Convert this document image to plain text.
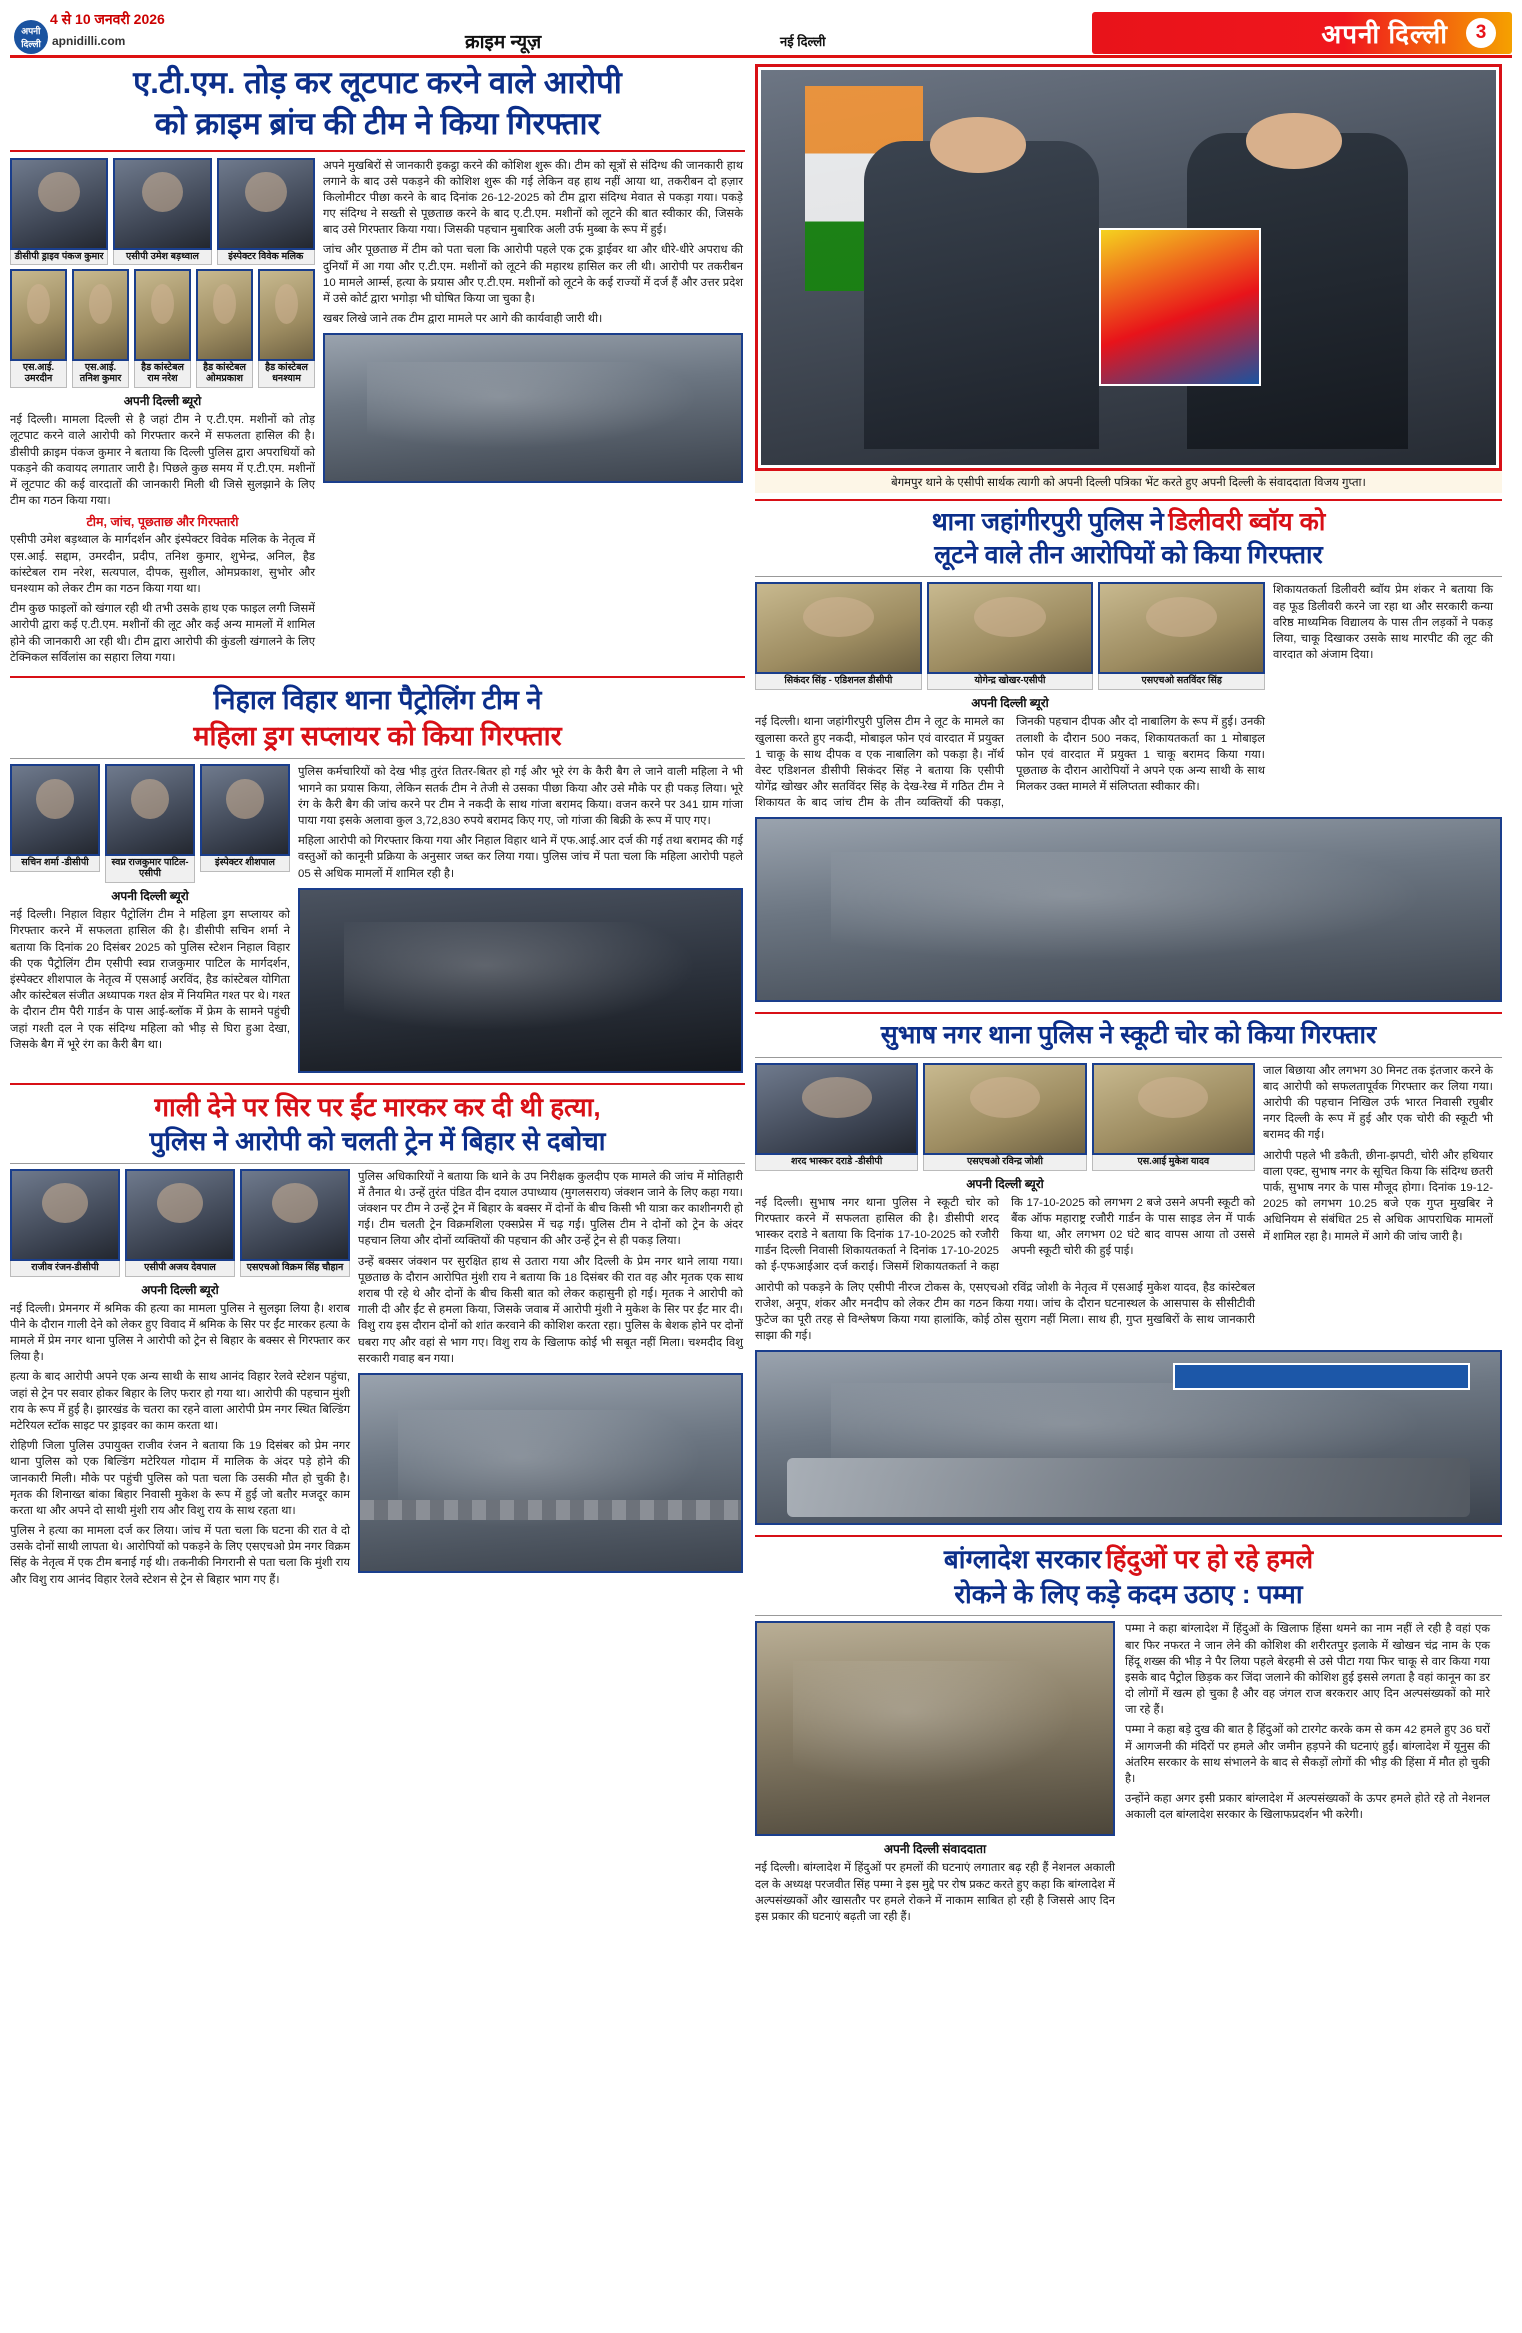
4 से 10 जनवरी 2026
अपनी
दिल्ली apnidilli.com	क्राइम न्यूज़	नई दिल्ली	अपनी दिल्ली	3
ए.टी.एम. तोड़ कर लूटपाट करने वाले आरोपी
को क्राइम ब्रांच की टीम ने किया गिरफ्तार
डीसीपी ड्राइव पंकज कुमार	एसीपी उमेश बड़थ्वाल	इंस्पेक्टर विवेक मलिक
एस.आई. उमरदीन
एस.आई. तनिश कुमार
हैड कांस्टेबल राम नरेश
हैड कांस्टेबल ओमप्रकाश
हैड कांस्टेबल धनश्याम
अपनी दिल्ली ब्यूरो
नई दिल्ली। मामला दिल्ली से है जहां टीम ने ए.टी.एम. मशीनों को तोड़ लूटपाट करने वाले आरोपी को गिरफ्तार करने में सफलता हासिल की है। डीसीपी क्राइम पंकज कुमार ने बताया कि दिल्ली पुलिस द्वारा अपराधियों को पकड़ने की कवायद लगातार जारी है। पिछले कुछ समय में ए.टी.एम. मशीनों में लूटपाट की कई वारदातों की जानकारी मिली थी जिसे सुलझाने के लिए टीम का गठन किया गया।
टीम, जांच, पूछताछ और गिरफ्तारी
एसीपी उमेश बड़थ्वाल के मार्गदर्शन और इंस्पेक्टर विवेक मलिक के नेतृत्व में एस.आई. सद्दाम, उमरदीन, प्रदीप, तनिश कुमार, शुभेन्द्र, अनिल, हैड कांस्टेबल राम नरेश, सत्यपाल, दीपक, सुशील, ओमप्रकाश, सुभोर और घनश्याम को लेकर टीम का गठन किया गया था।
टीम कुछ फाइलों को खंगाल रही थी तभी उसके हाथ एक फाइल लगी जिसमें आरोपी द्वारा कई ए.टी.एम. मशीनों की लूट और कई अन्य मामलों में शामिल होने की जानकारी आ रही थी। टीम द्वारा आरोपी की कुंडली खंगालने के लिए टेक्निकल सर्विलांस का सहारा लिया गया।
अपने मुखबिरों से जानकारी इकट्ठा करने की कोशिश शुरू की। टीम को सूत्रों से संदिग्ध की जानकारी हाथ लगाने के बाद उसे पकड़ने की कोशिश शुरू की गई लेकिन वह हाथ नहीं आया था, तकरीबन दो हज़ार किलोमीटर पीछा करने के बाद दिनांक 26-12-2025 को टीम द्वारा संदिग्ध मेवात से पकड़ा गया। पकड़े गए संदिग्ध ने सख्ती से पूछताछ करने के बाद ए.टी.एम. मशीनों को लूटने की बात स्वीकार की, जिसके बाद उसे गिरफ्तार किया गया। जिसकी पहचान मुबारिक अली उर्फ मुब्बा के रूप में हुई।
जांच और पूछताछ में टीम को पता चला कि आरोपी पहले एक ट्रक ड्राईवर था और धीरे-धीरे अपराध की दुनियाँ में आ गया और ए.टी.एम. मशीनों को लूटने की महारथ हासिल कर ली थी। आरोपी पर तकरीबन 10 मामले आर्म्स, हत्या के प्रयास और ए.टी.एम. मशीनों को लूटने के कई राज्यों में दर्ज हैं और उत्तर प्रदेश में उसे कोर्ट द्वारा भगोड़ा भी घोषित किया जा चुका है।
खबर लिखे जाने तक टीम द्वारा मामले पर आगे की कार्यवाही जारी थी।
निहाल विहार थाना पैट्रोलिंग टीम ने
महिला ड्रग सप्लायर को किया गिरफ्तार
सचिन शर्मा -डीसीपी	स्वप्न राजकुमार पाटिल-एसीपी
इंस्पेक्टर शीशपाल
अपनी दिल्ली ब्यूरो
नई दिल्ली। निहाल विहार पैट्रोलिंग टीम ने महिला ड्रग सप्लायर को गिरफ्तार करने में सफलता हासिल की है। डीसीपी सचिन शर्मा ने बताया कि दिनांक 20 दिसंबर 2025 को पुलिस स्टेशन निहाल विहार की एक पैट्रोलिंग टीम एसीपी स्वप्न राजकुमार पाटिल के मार्गदर्शन, इंस्पेक्टर शीशपाल के नेतृत्व में एसआई अरविंद, हैड कांस्टेबल योगिता और कांस्टेबल संजीत अध्यापक गश्त क्षेत्र में नियमित गश्त पर थे। गश्त के दौरान टीम पैरी गार्डन के पास आई-ब्लॉक में फ्रेम के सामने पहुंची जहां गश्ती दल ने एक संदिग्ध महिला को भीड़ से घिरा हुआ देखा, जिसके बैग में भूरे रंग का कैरी बैग था।
पुलिस कर्मचारियों को देख भीड़ तुरंत तितर-बितर हो गई और भूरे रंग के कैरी बैग ले जाने वाली महिला ने भी भागने का प्रयास किया, लेकिन सतर्क टीम ने तेजी से उसका पीछा किया और उसे मौके पर ही पकड़ लिया। भूरे रंग के कैरी बैग की जांच करने पर टीम ने नकदी के साथ गांजा बरामद किया। वजन करने पर 341 ग्राम गांजा पाया गया इसके अलावा कुल 3,72,830 रुपये बरामद किए गए, जो गांजा की बिक्री के रूप में पाए गए।
महिला आरोपी को गिरफ्तार किया गया और निहाल विहार थाने में एफ.आई.आर दर्ज की गई तथा बरामद की गई वस्तुओं को कानूनी प्रक्रिया के अनुसार जब्त कर लिया गया। पुलिस जांच में पता चला कि महिला आरोपी पहले 05 से अधिक मामलों में शामिल रही है।
गाली देने पर सिर पर ईंट मारकर कर दी थी हत्या,
पुलिस ने आरोपी को चलती ट्रेन में बिहार से दबोचा
राजीव रंजन-डीसीपी	एसीपी अजय देवपाल	एसएचओ विक्रम सिंह चौहान
अपनी दिल्ली ब्यूरो
नई दिल्ली। प्रेमनगर में श्रमिक की हत्या का मामला पुलिस ने सुलझा लिया है। शराब पीने के दौरान गाली देने को लेकर हुए विवाद में श्रमिक के सिर पर ईंट मारकर हत्या के मामले में प्रेम नगर थाना पुलिस ने आरोपी को ट्रेन से बिहार के बक्सर से गिरफ्तार कर लिया है।
हत्या के बाद आरोपी अपने एक अन्य साथी के साथ आनंद विहार रेलवे स्टेशन पहुंचा, जहां से ट्रेन पर सवार होकर बिहार के लिए फरार हो गया था। आरोपी की पहचान मुंशी राय के रूप में हुई है। झारखंड के चतरा का रहने वाला आरोपी प्रेम नगर स्थित बिल्डिंग मटेरियल स्टॉक साइट पर ड्राइवर का काम करता था।
रोहिणी जिला पुलिस उपायुक्त राजीव रंजन ने बताया कि 19 दिसंबर को प्रेम नगर थाना पुलिस को एक बिल्डिंग मटेरियल गोदाम में मालिक के अंदर पड़े होने की जानकारी मिली। मौके पर पहुंची पुलिस को पता चला कि उसकी मौत हो चुकी है। मृतक की शिनाख्त बांका बिहार निवासी मुकेश के रूप में हुई जो बतौर मजदूर काम करता था और अपने दो साथी मुंशी राय और विशु राय के साथ रहता था।
पुलिस ने हत्या का मामला दर्ज कर लिया। जांच में पता चला कि घटना की रात वे दो उसके दोनों साथी लापता थे। आरोपियों को पकड़ने के लिए एसएचओ प्रेम नगर विक्रम सिंह के नेतृत्व में एक टीम बनाई गई थी। तकनीकी निगरानी से पता चला कि मुंशी राय और विशु राय आनंद विहार रेलवे स्टेशन से ट्रेन से बिहार भाग गए हैं।
पुलिस अधिकारियों ने बताया कि थाने के उप निरीक्षक कुलदीप एक मामले की जांच में मोतिहारी में तैनात थे। उन्हें तुरंत पंडित दीन दयाल उपाध्याय (मुगलसराय) जंक्शन जाने के लिए कहा गया। जंक्शन पर टीम ने उन्हें ट्रेन में बिहार के बक्सर में दोनों के बीच किसी भी यात्रा कर काशीनगरी हो गई। टीम चलती ट्रेन विक्रमशिला एक्सप्रेस में चढ़ गई। पुलिस टीम ने दोनों को ट्रेन के अंदर पहचान लिया और दोनों व्यक्तियों की पहचान की और उन्हें ट्रेन से ही पकड़ लिया।
उन्हें बक्सर जंक्शन पर सुरक्षित हाथ से उतारा गया और दिल्ली के प्रेम नगर थाने लाया गया। पूछताछ के दौरान आरोपित मुंशी राय ने बताया कि 18 दिसंबर की रात वह और मृतक एक साथ शराब पी रहे थे और दोनों के बीच किसी बात को लेकर कहासुनी हो गई। मृतक ने आरोपी को गाली दी और ईंट से हमला किया, जिसके जवाब में आरोपी मुंशी ने मुकेश के सिर पर ईंट मार दी। विशु राय इस दौरान दोनों को शांत करवाने की कोशिश करता रहा। पुलिस के बेशक होने पर दोनों घबरा गए और वहां से भाग गए। विशु राय के खिलाफ कोई भी सबूत नहीं मिला। चश्मदीद विशु सरकारी गवाह बन गया।
बेगमपुर थाने के एसीपी सार्थक त्यागी को अपनी दिल्ली पत्रिका भेंट करते हुए अपनी दिल्ली के संवाददाता विजय गुप्ता।
थाना जहांगीरपुरी पुलिस ने डिलीवरी ब्वॉय को
लूटने वाले तीन आरोपियों को किया गिरफ्तार
सिकंदर सिंह - एडिशनल डीसीपी	योगेन्द्र खोखर-एसीपी	एसएचओ सतविंदर सिंह
अपनी दिल्ली ब्यूरो
नई दिल्ली। थाना जहांगीरपुरी पुलिस टीम ने लूट के मामले का खुलासा करते हुए नकदी, मोबाइल फोन एवं वारदात में प्रयुक्त 1 चाकू के साथ दीपक व एक नाबालिग को पकड़ा है। नॉर्थ वेस्ट एडिशनल डीसीपी सिकंदर सिंह ने बताया कि एसीपी योगेंद्र खोखर और सतविंदर सिंह के देख-रेख में गठित टीम ने शिकायत के बाद जांच टीम के तीन व्यक्तियों की पकड़ा, जिनकी पहचान दीपक और दो नाबालिग के रूप में हुई। उनकी तलाशी के दौरान 500 नकद, शिकायतकर्ता का 1 मोबाइल फोन एवं वारदात में प्रयुक्त 1 चाकू बरामद किया गया। पूछताछ के दौरान आरोपियों ने अपने एक अन्य साथी के साथ मिलकर उक्त मामले में संलिप्तता स्वीकार की।
शिकायतकर्ता डिलीवरी ब्वॉय प्रेम शंकर ने बताया कि वह फूड डिलीवरी करने जा रहा था और सरकारी कन्या वरिष्ठ माध्यमिक विद्यालय के पास तीन लड़कों ने पकड़ लिया, चाकू दिखाकर उसके साथ मारपीट की लूट की वारदात को अंजाम दिया।
सुभाष नगर थाना पुलिस ने स्कूटी चोर को किया गिरफ्तार
शरद भास्कर दराडे -डीसीपी	एसएचओ रविन्द्र जोशी	एस.आई मुकेश यादव
अपनी दिल्ली ब्यूरो
नई दिल्ली। सुभाष नगर थाना पुलिस ने स्कूटी चोर को गिरफ्तार करने में सफलता हासिल की है। डीसीपी शरद भास्कर दराडे ने बताया कि दिनांक 17-10-2025 को रजौरी गार्डन दिल्ली निवासी शिकायतकर्ता ने दिनांक 17-10-2025 को ई-एफआईआर दर्ज कराई। जिसमें शिकायतकर्ता ने कहा कि 17-10-2025 को लगभग 2 बजे उसने अपनी स्कूटी को बैंक ऑफ महाराष्ट्र रजौरी गार्डन के पास साइड लेन में पार्क किया था, और लगभग 02 घंटे बाद वापस आया तो उससे अपनी स्कूटी चोरी की हुई पाई।
आरोपी को पकड़ने के लिए एसीपी नीरज टोकस के, एसएचओ रविंद्र जोशी के नेतृत्व में एसआई मुकेश यादव, हैड कांस्टेबल राजेश, अनूप, शंकर और मनदीप को लेकर टीम का गठन किया गया। जांच के दौरान घटनास्थल के आसपास के सीसीटीवी फुटेज का पूरी तरह से विश्लेषण किया गया हालांकि, कोई ठोस सुराग नहीं मिला। साथ ही, गुप्त मुखबिरों के साथ जानकारी साझा की गई।
जाल बिछाया और लगभग 30 मिनट तक इंतजार करने के बाद आरोपी को सफलतापूर्वक गिरफ्तार कर लिया गया। आरोपी की पहचान निखिल उर्फ भारत निवासी रघुबीर नगर दिल्ली के रूप में हुई और एक चोरी की स्कूटी भी बरामद की गई।
आरोपी पहले भी डकैती, छीना-झपटी, चोरी और हथियार वाला एक्ट, सुभाष नगर के सूचित किया कि संदिग्ध छतरी पार्क, सुभाष नगर के पास मौजूद होगा। दिनांक 19-12-2025 को लगभग 10.25 बजे एक गुप्त मुखबिर ने अधिनियम से संबंधित 25 से अधिक आपराधिक मामलों में शामिल रहा है। मामले में आगे की जांच जारी है।
बांग्लादेश सरकार हिंदुओं पर हो रहे हमले
रोकने के लिए कड़े कदम उठाए : पम्मा
अपनी दिल्ली संवाददाता
नई दिल्ली। बांग्लादेश में हिंदुओं पर हमलों की घटनाएं लगातार बढ़ रही हैं नेशनल अकाली दल के अध्यक्ष परजवीत सिंह पम्मा ने इस मुद्दे पर रोष प्रकट करते हुए कहा कि बांग्लादेश में अल्पसंख्यकों और खासतौर पर हमले रोकने में नाकाम साबित हो रही है जिससे आए दिन इस प्रकार की घटनाएं बढ़ती जा रही हैं।
पम्मा ने कहा बांग्लादेश में हिंदुओं के खिलाफ हिंसा थमने का नाम नहीं ले रही है वहां एक बार फिर नफरत ने जान लेने की कोशिश की शरीरतपुर इलाके में खोखन चंद्र नाम के एक हिंदू शख्स की भीड़ ने पैर लिया पहले बेरहमी से उसे पीटा गया फिर चाकू से वार किया गया इसके बाद पैट्रोल छिड़क कर जिंदा जलाने की कोशिश हुई इससे लगता है वहां कानून का डर दो लोगों में खत्म हो चुका है और वह जंगल राज बरकरार आए दिन अल्पसंख्यकों को मारे जा रहे हैं।
पम्मा ने कहा बड़े दुख की बात है हिंदुओं को टारगेट करके कम से कम 42 हमले हुए 36 घरों में आगजनी की मंदिरों पर हमले और जमीन हड़पने की घटनाएं हुईं। बांग्लादेश में यूनुस की अंतरिम सरकार के साथ संभालने के बाद से सैकड़ों लोगों की भीड़ की हिंसा में मौत हो चुकी है।
उन्होंने कहा अगर इसी प्रकार बांग्लादेश में अल्पसंख्यकों के ऊपर हमले होते रहे तो नेशनल अकाली दल बांग्लादेश सरकार के खिलाफप्रदर्शन भी करेगी।
